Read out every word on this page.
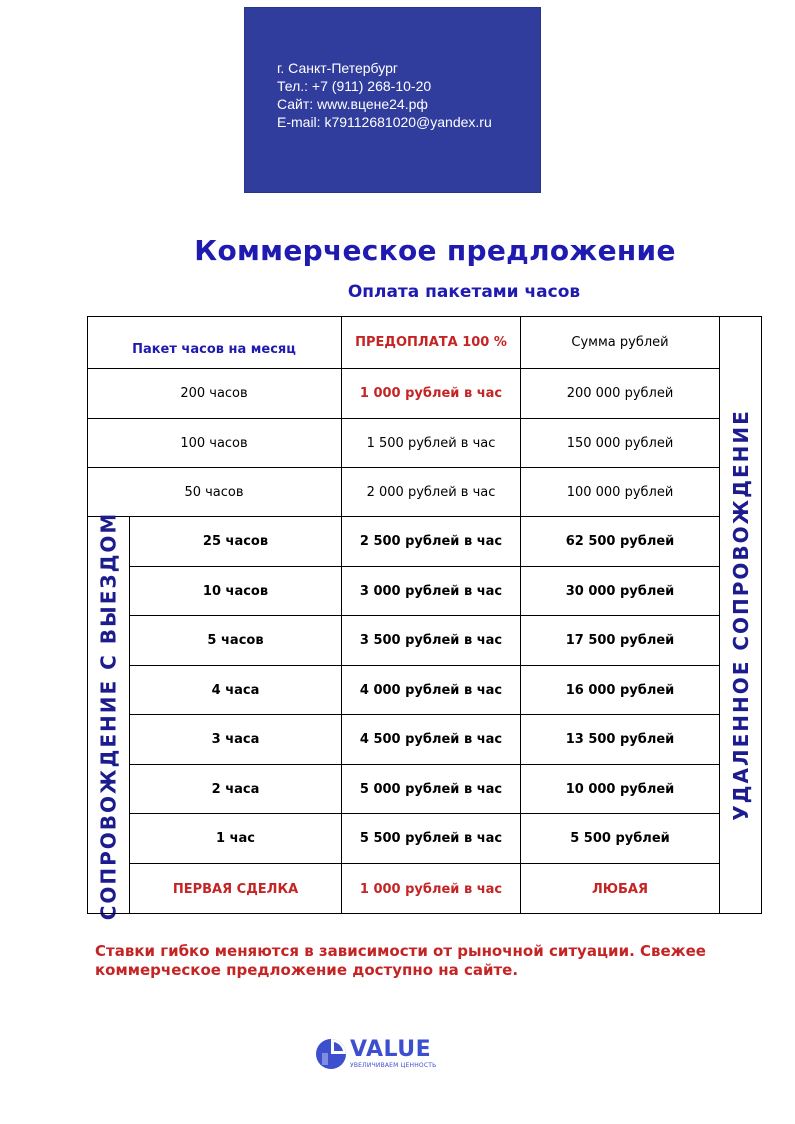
г. Санкт-Петербург
Тел.: +7 (911) 268-10-20
Сайт: www.вцене24.рф
E-mail: k79112681020@yandex.ru
Коммерческое предложение
Оплата пакетами часов
Пакет часов на месяц	ПРЕДОПЛАТА 100 %	Сумма рублей
200 часов	1 000 рублей в час	200 000 рублей
100 часов	1 500 рублей в час	150 000 рублей
50 часов	2 000 рублей в час	100 000 рублей
СОПРОВОЖДЕНИЕ С ВЫЕЗДОМ	25 часов	2 500 рублей в час	62 500 рублей
10 часов	3 000 рублей в час	30 000 рублей
5 часов	3 500 рублей в час	17 500 рублей
4 часа	4 000 рублей в час	16 000 рублей
3 часа	4 500 рублей в час	13 500 рублей
2 часа	5 000 рублей в час	10 000 рублей
1 час	5 500 рублей в час	5 500 рублей
ПЕРВАЯ СДЕЛКА	1 000 рублей в час	ЛЮБАЯ
УДАЛЕННОЕ СОПРОВОЖДЕНИЕ
Ставки гибко меняются в зависимости от рыночной ситуации. Свежее коммерческое предложение доступно на сайте.
VALUE
УВЕЛИЧИВАЕМ ЦЕННОСТЬ
